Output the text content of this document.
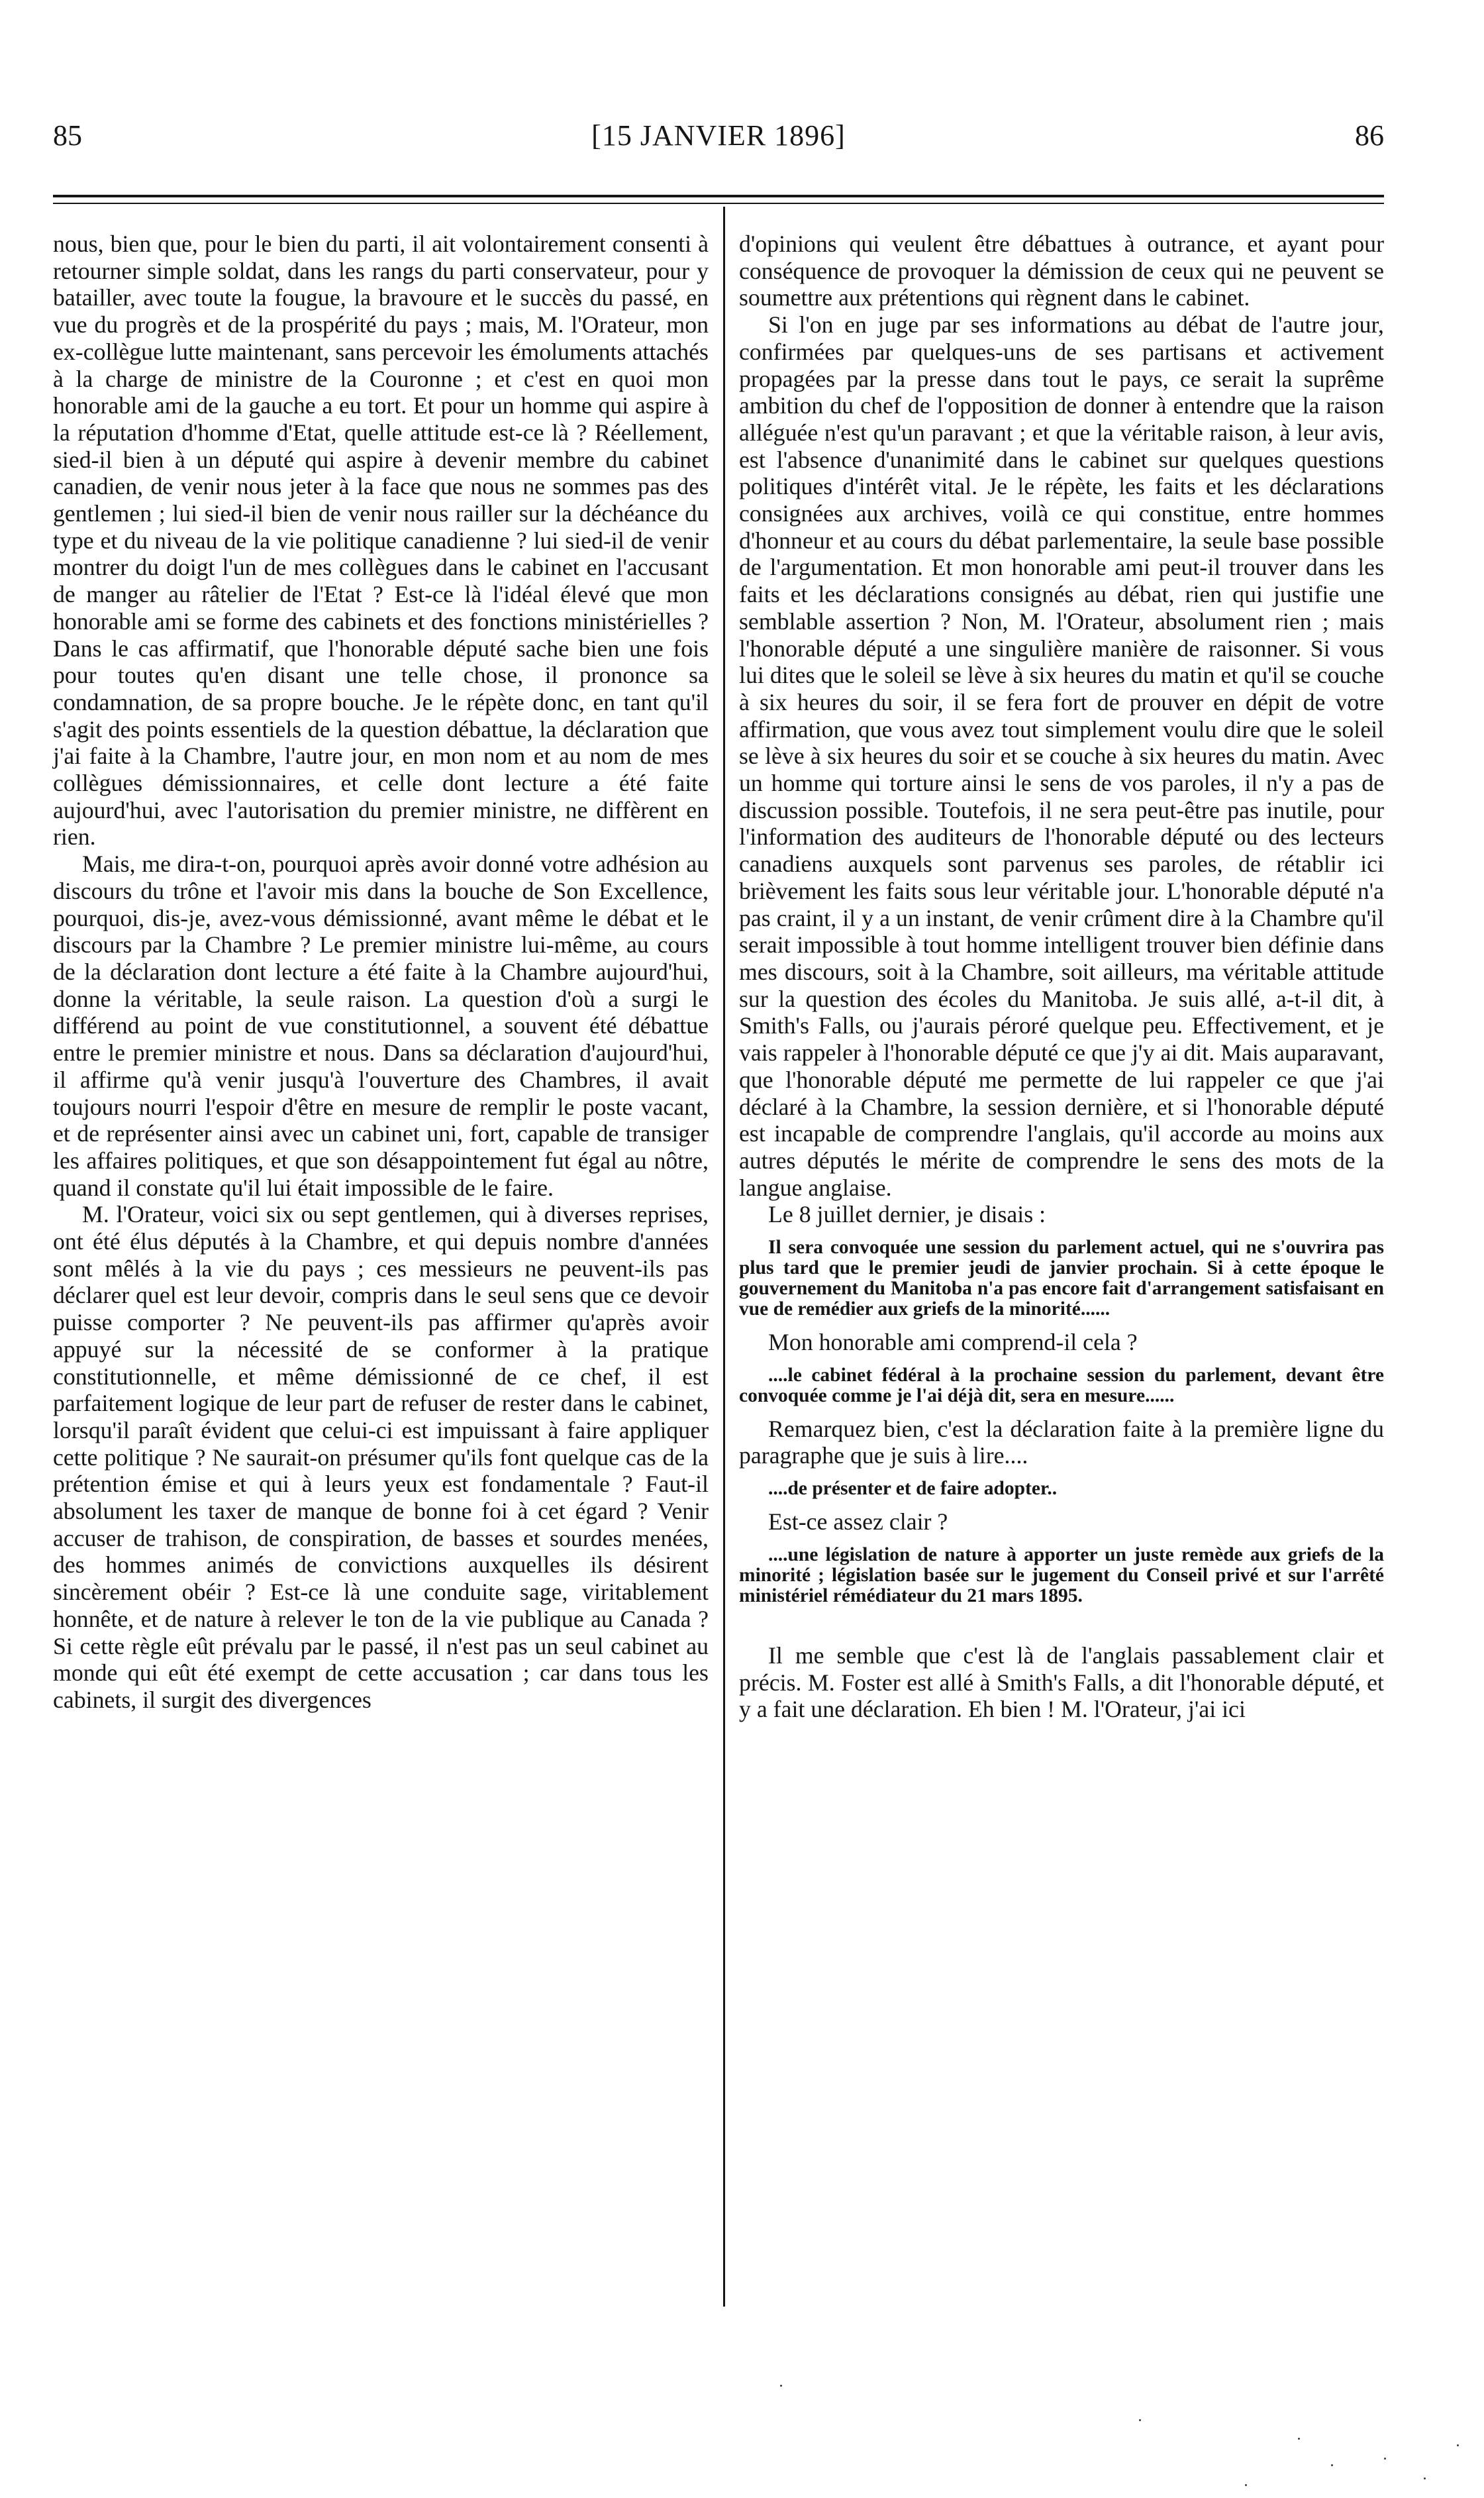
85	[15 JANVIER 1896]	86

nous, bien que, pour le bien du parti, il ait volontairement consenti à retourner simple soldat, dans les rangs du parti conservateur, pour y batailler, avec toute la fougue, la bravoure et le succès du passé, en vue du progrès et de la prospérité du pays ; mais, M. l'Orateur, mon ex-collègue lutte maintenant, sans percevoir les émoluments attachés à la charge de ministre de la Couronne ; et c'est en quoi mon honorable ami de la gauche a eu tort. Et pour un homme qui aspire à la réputation d'homme d'Etat, quelle attitude est-ce là ? Réellement, sied-il bien à un député qui aspire à devenir membre du cabinet canadien, de venir nous jeter à la face que nous ne sommes pas des gentlemen ; lui sied-il bien de venir nous railler sur la déchéance du type et du niveau de la vie politique canadienne ? lui sied-il de venir montrer du doigt l'un de mes collègues dans le cabinet en l'accusant de manger au râtelier de l'Etat ? Est-ce là l'idéal élevé que mon honorable ami se forme des cabinets et des fonctions ministérielles ? Dans le cas affirmatif, que l'honorable député sache bien une fois pour toutes qu'en disant une telle chose, il prononce sa condamnation, de sa propre bouche. Je le répète donc, en tant qu'il s'agit des points essentiels de la question débattue, la déclaration que j'ai faite à la Chambre, l'autre jour, en mon nom et au nom de mes collègues démissionnaires, et celle dont lecture a été faite aujourd'hui, avec l'autorisation du premier ministre, ne diffèrent en rien.

Mais, me dira-t-on, pourquoi après avoir donné votre adhésion au discours du trône et l'avoir mis dans la bouche de Son Excellence, pourquoi, dis-je, avez-vous démissionné, avant même le débat et le discours par la Chambre ? Le premier ministre lui-même, au cours de la déclaration dont lecture a été faite à la Chambre aujourd'hui, donne la véritable, la seule raison. La question d'où a surgi le différend au point de vue constitutionnel, a souvent été débattue entre le premier ministre et nous. Dans sa déclaration d'aujourd'hui, il affirme qu'à venir jusqu'à l'ouverture des Chambres, il avait toujours nourri l'espoir d'être en mesure de remplir le poste vacant, et de représenter ainsi avec un cabinet uni, fort, capable de transiger les affaires politiques, et que son désappointement fut égal au nôtre, quand il constate qu'il lui était impossible de le faire.

M. l'Orateur, voici six ou sept gentlemen, qui à diverses reprises, ont été élus députés à la Chambre, et qui depuis nombre d'années sont mêlés à la vie du pays ; ces messieurs ne peuvent-ils pas déclarer quel est leur devoir, compris dans le seul sens que ce devoir puisse comporter ? Ne peuvent-ils pas affirmer qu'après avoir appuyé sur la nécessité de se conformer à la pratique constitutionnelle, et même démissionné de ce chef, il est parfaitement logique de leur part de refuser de rester dans le cabinet, lorsqu'il paraît évident que celui-ci est impuissant à faire appliquer cette politique ? Ne saurait-on présumer qu'ils font quelque cas de la prétention émise et qui à leurs yeux est fondamentale ? Faut-il absolument les taxer de manque de bonne foi à cet égard ? Venir accuser de trahison, de conspiration, de basses et sourdes menées, des hommes animés de convictions auxquelles ils désirent sincèrement obéir ? Est-ce là une conduite sage, viritablement honnête, et de nature à relever le ton de la vie publique au Canada ? Si cette règle eût prévalu par le passé, il n'est pas un seul cabinet au monde qui eût été exempt de cette accusation ; car dans tous les cabinets, il surgit des divergences

d'opinions qui veulent être débattues à outrance, et ayant pour conséquence de provoquer la démission de ceux qui ne peuvent se soumettre aux prétentions qui règnent dans le cabinet.

Si l'on en juge par ses informations au débat de l'autre jour, confirmées par quelques-uns de ses partisans et activement propagées par la presse dans tout le pays, ce serait la suprême ambition du chef de l'opposition de donner à entendre que la raison alléguée n'est qu'un paravant ; et que la véritable raison, à leur avis, est l'absence d'unanimité dans le cabinet sur quelques questions politiques d'intérêt vital. Je le répète, les faits et les déclarations consignées aux archives, voilà ce qui constitue, entre hommes d'honneur et au cours du débat parlementaire, la seule base possible de l'argumentation. Et mon honorable ami peut-il trouver dans les faits et les déclarations consignés au débat, rien qui justifie une semblable assertion ? Non, M. l'Orateur, absolument rien ; mais l'honorable député a une singulière manière de raisonner. Si vous lui dites que le soleil se lève à six heures du matin et qu'il se couche à six heures du soir, il se fera fort de prouver en dépit de votre affirmation, que vous avez tout simplement voulu dire que le soleil se lève à six heures du soir et se couche à six heures du matin. Avec un homme qui torture ainsi le sens de vos paroles, il n'y a pas de discussion possible. Toutefois, il ne sera peut-être pas inutile, pour l'information des auditeurs de l'honorable député ou des lecteurs canadiens auxquels sont parvenus ses paroles, de rétablir ici brièvement les faits sous leur véritable jour. L'honorable député n'a pas craint, il y a un instant, de venir crûment dire à la Chambre qu'il serait impossible à tout homme intelligent trouver bien définie dans mes discours, soit à la Chambre, soit ailleurs, ma véritable attitude sur la question des écoles du Manitoba. Je suis allé, a-t-il dit, à Smith's Falls, ou j'aurais péroré quelque peu. Effectivement, et je vais rappeler à l'honorable député ce que j'y ai dit. Mais auparavant, que l'honorable député me permette de lui rappeler ce que j'ai déclaré à la Chambre, la session dernière, et si l'honorable député est incapable de comprendre l'anglais, qu'il accorde au moins aux autres députés le mérite de comprendre le sens des mots de la langue anglaise.

Le 8 juillet dernier, je disais :

Il sera convoquée une session du parlement actuel, qui ne s'ouvrira pas plus tard que le premier jeudi de janvier prochain. Si à cette époque le gouvernement du Manitoba n'a pas encore fait d'arrangement satisfaisant en vue de remédier aux griefs de la minorité......

Mon honorable ami comprend-il cela ?

....le cabinet fédéral à la prochaine session du parlement, devant être convoquée comme je l'ai déjà dit, sera en mesure......

Remarquez bien, c'est la déclaration faite à la première ligne du paragraphe que je suis à lire....

....de présenter et de faire adopter..

Est-ce assez clair ?

....une législation de nature à apporter un juste remède aux griefs de la minorité ; législation basée sur le jugement du Conseil privé et sur l'arrêté ministériel rémédiateur du 21 mars 1895.

Il me semble que c'est là de l'anglais passablement clair et précis. M. Foster est allé à Smith's Falls, a dit l'honorable député, et y a fait une déclaration. Eh bien ! M. l'Orateur, j'ai ici
